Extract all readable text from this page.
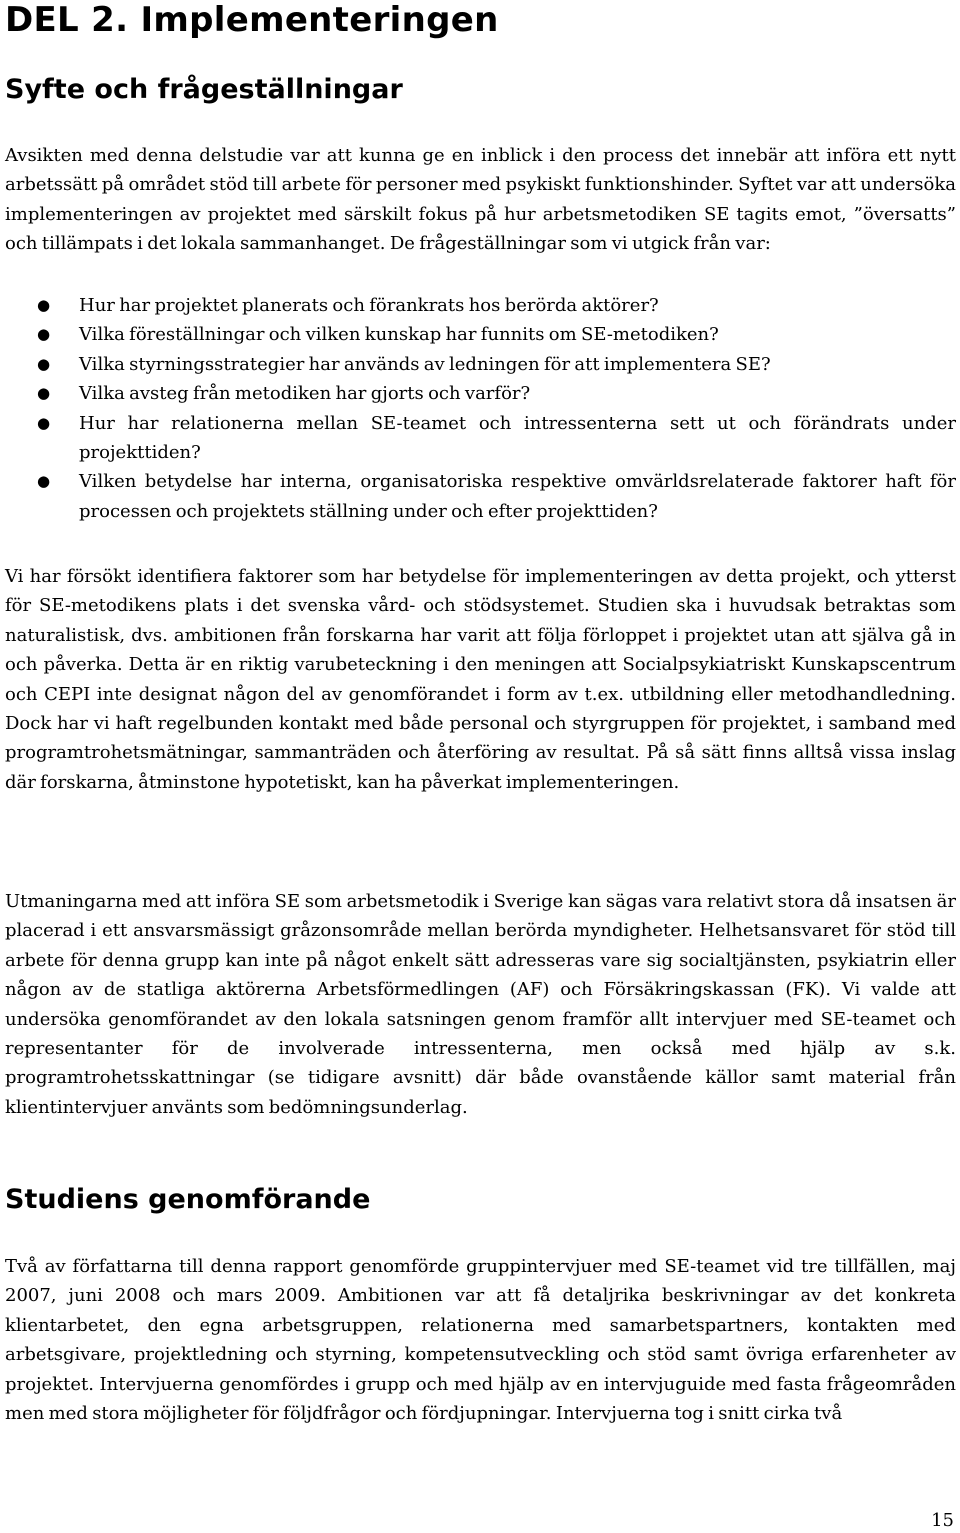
DEL 2. Implementeringen
Syfte och frågeställningar

Avsikten med denna delstudie var att kunna ge en inblick i den process det innebär att införa ett nytt arbetssätt på området stöd till arbete för personer med psykiskt funktionshinder. Syftet var att undersöka implementeringen av projektet med särskilt fokus på hur arbetsmetodiken SE tagits emot, ”översatts” och tillämpats i det lokala sammanhanget. De frågeställningar som vi utgick från var:

● Hur har projektet planerats och förankrats hos berörda aktörer?
● Vilka föreställningar och vilken kunskap har funnits om SE-metodiken?
● Vilka styrningsstrategier har används av ledningen för att implementera SE?
● Vilka avsteg från metodiken har gjorts och varför?
● Hur har relationerna mellan SE-teamet och intressenterna sett ut och förändrats under projekttiden?
● Vilken betydelse har interna, organisatoriska respektive omvärldsrelaterade faktorer haft för processen och projektets ställning under och efter projekttiden?

Vi har försökt identifiera faktorer som har betydelse för implementeringen av detta projekt, och ytterst för SE-metodikens plats i det svenska vård- och stödsystemet. Studien ska i huvudsak betraktas som naturalistisk, dvs. ambitionen från forskarna har varit att följa förloppet i projektet utan att själva gå in och påverka. Detta är en riktig varubeteckning i den meningen att Socialpsykiatriskt Kunskapscentrum och CEPI inte designat någon del av genomförandet i form av t.ex. utbildning eller metodhandledning. Dock har vi haft regelbunden kontakt med både personal och styrgruppen för projektet, i samband med programtrohetsmätningar, sammanträden och återföring av resultat. På så sätt finns alltså vissa inslag där forskarna, åtminstone hypotetiskt, kan ha påverkat implementeringen.

Utmaningarna med att införa SE som arbetsmetodik i Sverige kan sägas vara relativt stora då insatsen är placerad i ett ansvarsmässigt gråzonsområde mellan berörda myndigheter. Helhetsansvaret för stöd till arbete för denna grupp kan inte på något enkelt sätt adresseras vare sig socialtjänsten, psykiatrin eller någon av de statliga aktörerna Arbetsförmedlingen (AF) och Försäkringskassan (FK). Vi valde att undersöka genomförandet av den lokala satsningen genom framför allt intervjuer med SE-teamet och representanter för de involverade intressenterna, men också med hjälp av s.k. programtrohetsskattningar (se tidigare avsnitt) där både ovanstående källor samt material från klientintervjuer använts som bedömningsunderlag.

Studiens genomförande

Två av författarna till denna rapport genomförde gruppintervjuer med SE-teamet vid tre tillfällen, maj 2007, juni 2008 och mars 2009. Ambitionen var att få detaljrika beskrivningar av det konkreta klientarbetet, den egna arbetsgruppen, relationerna med samarbetspartners, kontakten med arbetsgivare, projektledning och styrning, kompetensutveckling och stöd samt övriga erfarenheter av projektet. Intervjuerna genomfördes i grupp och med hjälp av en intervjuguide med fasta frågeområden men med stora möjligheter för följdfrågor och fördjupningar. Intervjuerna tog i snitt cirka två

15
